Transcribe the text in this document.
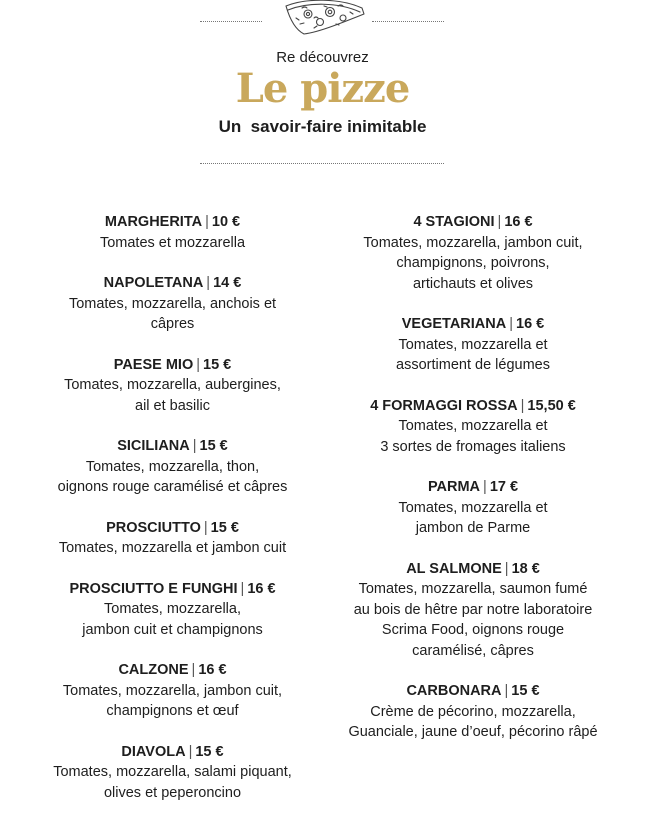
Re découvrez
Le pizze
Un  savoir-faire inimitable
MARGHERITA | 10 €
Tomates et mozzarella
NAPOLETANA | 14 €
Tomates, mozzarella, anchois et
câpres
PAESE MIO | 15 €
Tomates, mozzarella, aubergines,
ail et basilic
SICILIANA | 15 €
Tomates, mozzarella, thon,
oignons rouge caramélisé et câpres
PROSCIUTTO | 15 €
Tomates, mozzarella et jambon cuit
PROSCIUTTO E FUNGHI | 16 €
Tomates, mozzarella,
jambon cuit et champignons
CALZONE | 16 €
Tomates, mozzarella, jambon cuit,
champignons et œuf
DIAVOLA | 15 €
Tomates, mozzarella, salami piquant,
olives et peperoncino
4 STAGIONI | 16 €
Tomates, mozzarella, jambon cuit,
champignons, poivrons,
artichauts et olives
VEGETARIANA | 16 €
Tomates, mozzarella et
assortiment de légumes
4 FORMAGGI ROSSA | 15,50 €
Tomates, mozzarella et
3 sortes de fromages italiens
PARMA | 17 €
Tomates, mozzarella et
jambon de Parme
AL SALMONE | 18 €
Tomates, mozzarella, saumon fumé
au bois de hêtre par notre laboratoire
Scrima Food, oignons rouge
caramélisé, câpres
CARBONARA | 15 €
Crème de pécorino, mozzarella,
Guanciale, jaune d’oeuf, pécorino râpé
